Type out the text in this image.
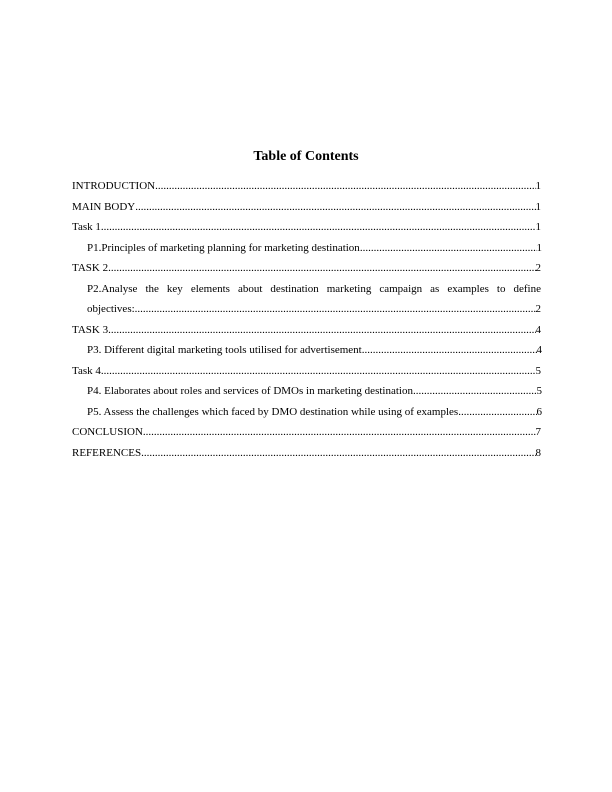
Table of Contents
INTRODUCTION .....	1
MAIN BODY .....	1
Task 1 .....	1
P1.Principles of marketing planning for marketing destination .....	1
TASK 2 .....	2
P2.Analyse the key elements about destination marketing campaign as examples to define
objectives: .....	2
TASK 3 .....	4
P3. Different digital marketing tools utilised for advertisement .....	4
Task 4 .....	5
P4. Elaborates about roles and services of DMOs in marketing destination .....	5
P5. Assess the challenges which faced by DMO destination while using of examples .....	6
CONCLUSION .....	7
REFERENCES .....	8
